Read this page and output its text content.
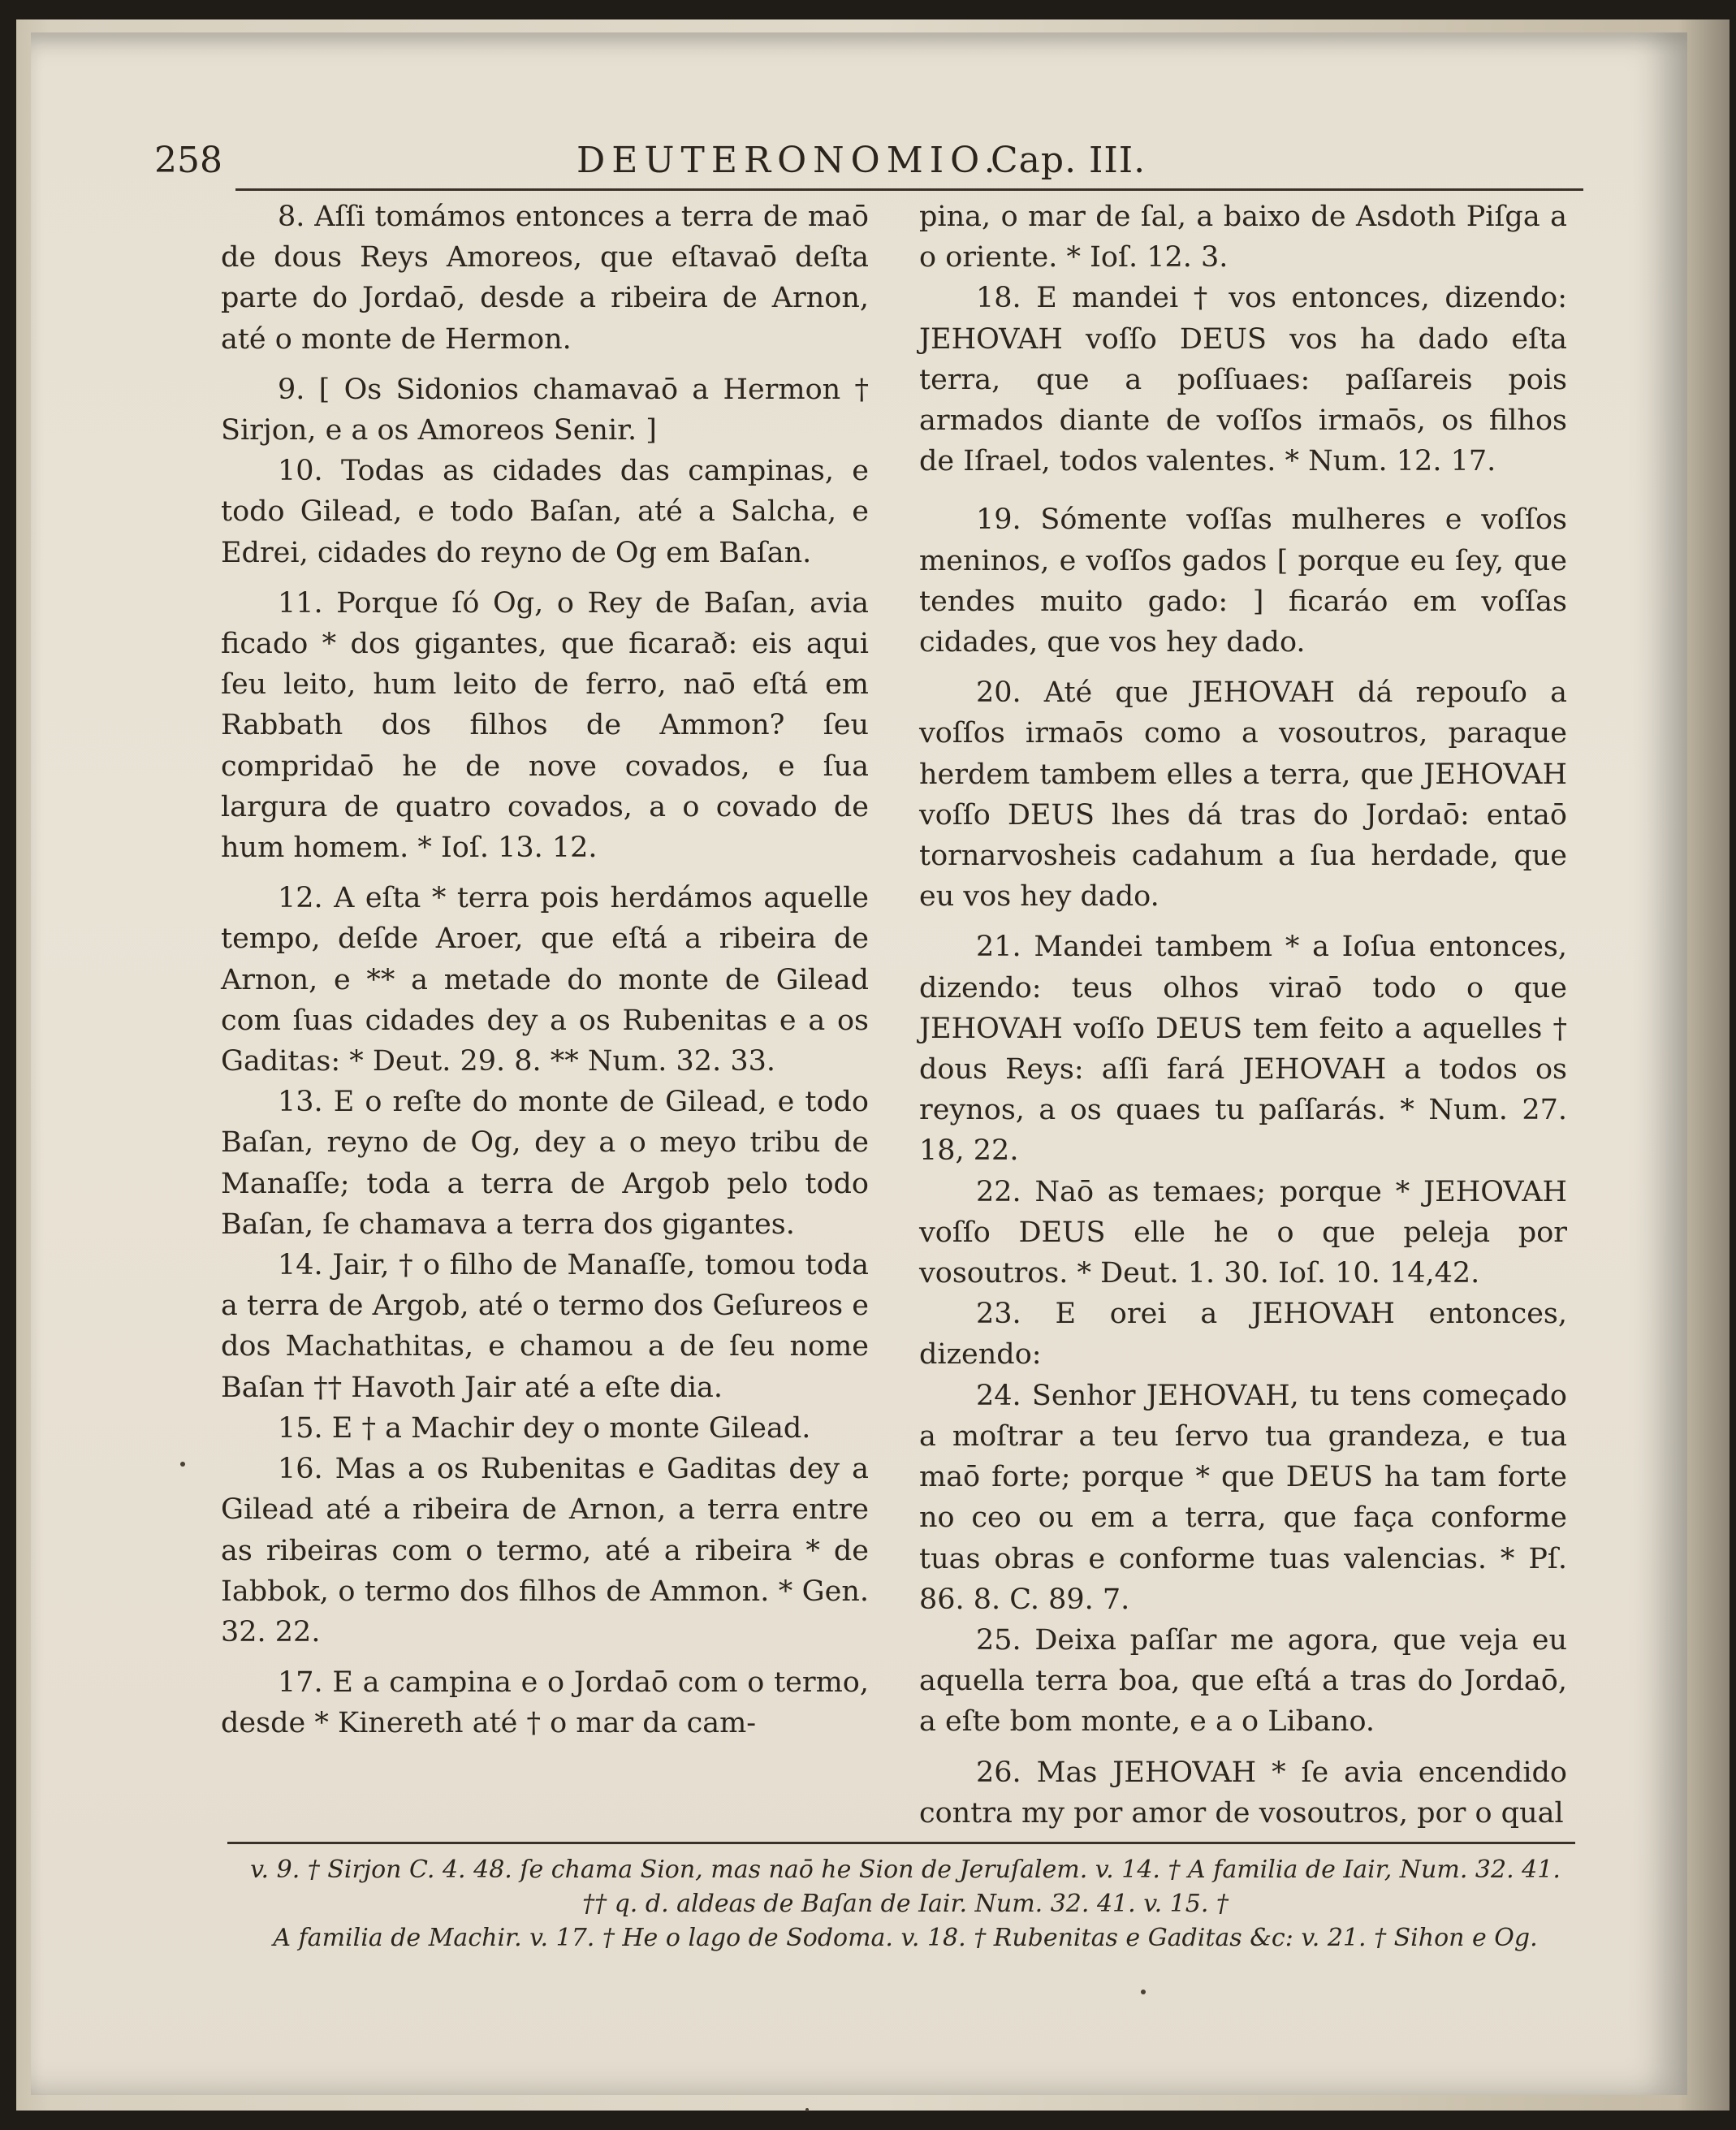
258	DEUTERONOMIO.
Cap. III.

8. Aſſi tomámos entonces a terra de maō de dous Reys Amoreos, que eſtavaō deſta parte do Jordaō, desde a ribeira de Arnon, até o monte de Hermon.

9. [ Os Sidonios chamavaō a Hermon † Sirjon, e a os Amoreos Senir. ]

10. Todas as cidades das campinas, e todo Gilead, e todo Baſan, até a Salcha, e Edrei, cidades do reyno de Og em Baſan.

11. Porque ſó Og, o Rey de Baſan, avia ficado * dos gigantes, que ficarað: eis aqui ſeu leito, hum leito de ferro, naō eſtá em Rabbath dos filhos de Ammon? ſeu compridaō he de nove covados, e ſua largura de quatro covados, a o covado de hum homem. * Ioſ. 13. 12.

12. A eſta * terra pois herdámos aquelle tempo, deſde Aroer, que eſtá a ribeira de Arnon, e ** a metade do monte de Gilead com ſuas cidades dey a os Rubenitas e a os Gaditas: * Deut. 29. 8. ** Num. 32. 33.

13. E o reſte do monte de Gilead, e todo Baſan, reyno de Og, dey a o meyo tribu de Manaſſe; toda a terra de Argob pelo todo Baſan, ſe chamava a terra dos gigantes.

14. Jair, † o filho de Manaſſe, tomou toda a terra de Argob, até o termo dos Geſureos e dos Machathitas, e chamou a de ſeu nome Baſan †† Havoth Jair até a eſte dia.

15. E † a Machir dey o monte Gilead.

16. Mas a os Rubenitas e Gaditas dey a Gilead até a ribeira de Arnon, a terra entre as ribeiras com o termo, até a ribeira * de Iabbok, o termo dos filhos de Ammon. * Gen. 32. 22.

17. E a campina e o Jordaō com o termo, desde * Kinereth até † o mar da cam-

pina, o mar de ſal, a baixo de Asdoth Piſga a o oriente. * Ioſ. 12. 3.

18. E mandei † vos entonces, dizendo: JEHOVAH voſſo DEUS vos ha dado eſta terra, que a poſſuaes: paſſareis pois armados diante de voſſos irmaōs, os filhos de Iſrael, todos valentes. * Num. 12. 17.

19. Sómente voſſas mulheres e voſſos meninos, e voſſos gados [ porque eu ſey, que tendes muito gado: ] ficaráo em voſſas cidades, que vos hey dado.

20. Até que JEHOVAH dá repouſo a voſſos irmaōs como a vosoutros, paraque herdem tambem elles a terra, que JEHOVAH voſſo DEUS lhes dá tras do Jordaō: entaō tornarvosheis cadahum a ſua herdade, que eu vos hey dado.

21. Mandei tambem * a Ioſua entonces, dizendo: teus olhos viraō todo o que JEHOVAH voſſo DEUS tem feito a aquelles † dous Reys: aſſi fará JEHOVAH a todos os reynos, a os quaes tu paſſarás. * Num. 27. 18, 22.

22. Naō as temaes; porque * JEHOVAH voſſo DEUS elle he o que peleja por vosoutros. * Deut. 1. 30. Ioſ. 10. 14,42.

23. E orei a JEHOVAH entonces, dizendo:

24. Senhor JEHOVAH, tu tens começado a moſtrar a teu ſervo tua grandeza, e tua maō forte; porque * que DEUS ha tam forte no ceo ou em a terra, que faça conforme tuas obras e conforme tuas valencias. * Pſ. 86. 8. C. 89. 7.

25. Deixa paſſar me agora, que veja eu aquella terra boa, que eſtá a tras do Jordaō, a eſte bom monte, e a o Libano.

26. Mas JEHOVAH * ſe avia encendido contra my por amor de vosoutros, por o qual

v. 9. † Sirjon C. 4. 48. ſe chama Sion, mas naō he Sion de Jeruſalem. v. 14. † A familia de Iair, Num. 32. 41. †† q. d. aldeas de Baſan de Iair. Num. 32. 41. v. 15. †

A familia de Machir. v. 17. † He o lago de Sodoma. v. 18. † Rubenitas e Gaditas &c: v. 21. † Sihon e Og.
